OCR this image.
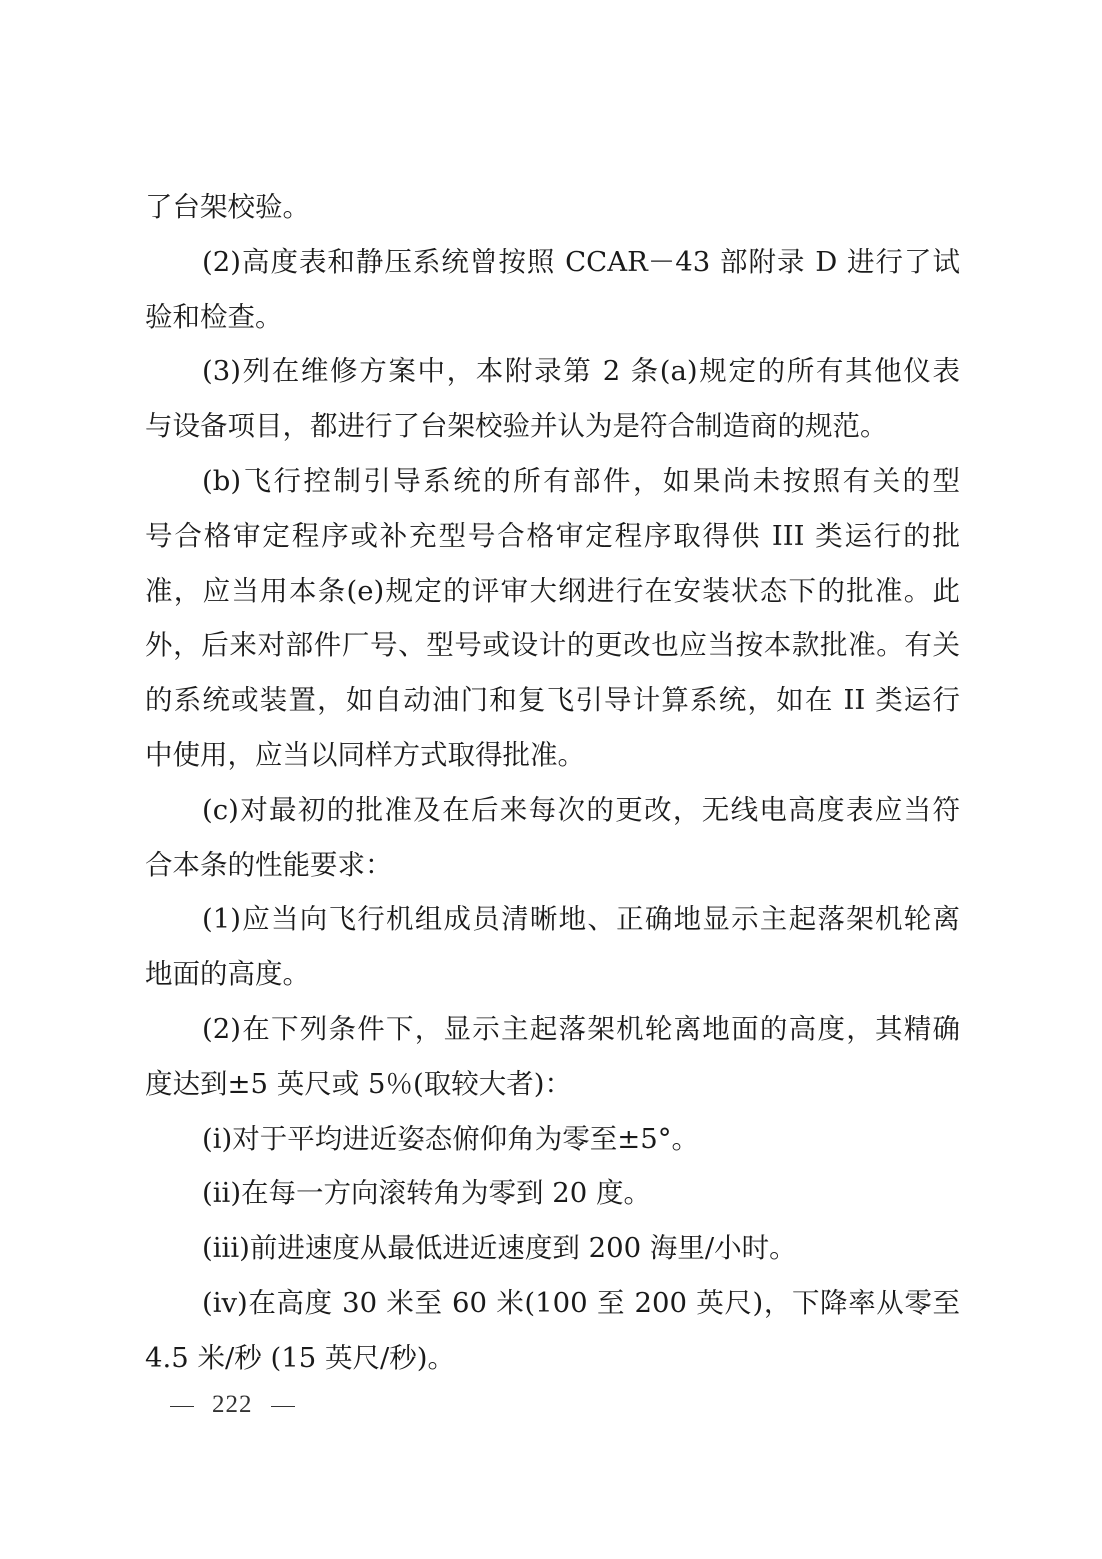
了台架校验。
(2)高度表和静压系统曾按照 CCAR－43 部附录 D 进行了试
验和检查。
(3)列在维修方案中，本附录第 2 条(a)规定的所有其他仪表
与设备项目，都进行了台架校验并认为是符合制造商的规范。
(b)飞行控制引导系统的所有部件，如果尚未按照有关的型
号合格审定程序或补充型号合格审定程序取得供 III 类运行的批
准，应当用本条(e)规定的评审大纲进行在安装状态下的批准。此
外，后来对部件厂号、型号或设计的更改也应当按本款批准。有关
的系统或装置，如自动油门和复飞引导计算系统，如在 II 类运行
中使用，应当以同样方式取得批准。
(c)对最初的批准及在后来每次的更改，无线电高度表应当符
合本条的性能要求：
(1)应当向飞行机组成员清晰地、正确地显示主起落架机轮离
地面的高度。
(2)在下列条件下，显示主起落架机轮离地面的高度，其精确
度达到±5 英尺或 5％(取较大者)：
(i)对于平均进近姿态俯仰角为零至±5°。
(ii)在每一方向滚转角为零到 20 度。
(iii)前进速度从最低进近速度到 200 海里/小时。
(iv)在高度 30 米至 60 米(100 至 200 英尺)，下降率从零至
4.5 米/秒 (15 英尺/秒)。
222
